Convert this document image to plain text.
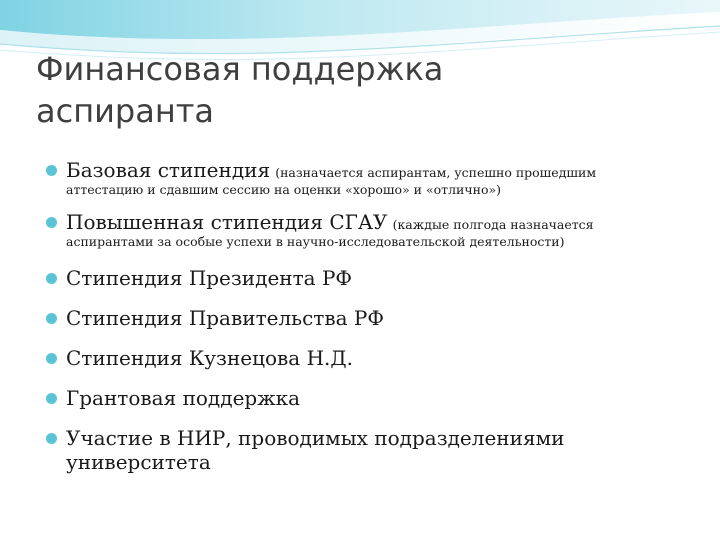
Финансовая поддержка
аспиранта
Базовая стипендия (назначается аспирантам, успешно прошедшим
аттестацию и сдавшим сессию на оценки «хорошо» и «отлично»)
Повышенная стипендия СГАУ (каждые полгода назначается
аспирантами за особые успехи в научно-исследовательской деятельности)
Стипендия Президента РФ
Стипендия Правительства РФ
Стипендия Кузнецова Н.Д.
Грантовая поддержка
Участие в НИР, проводимых подразделениями
университета
